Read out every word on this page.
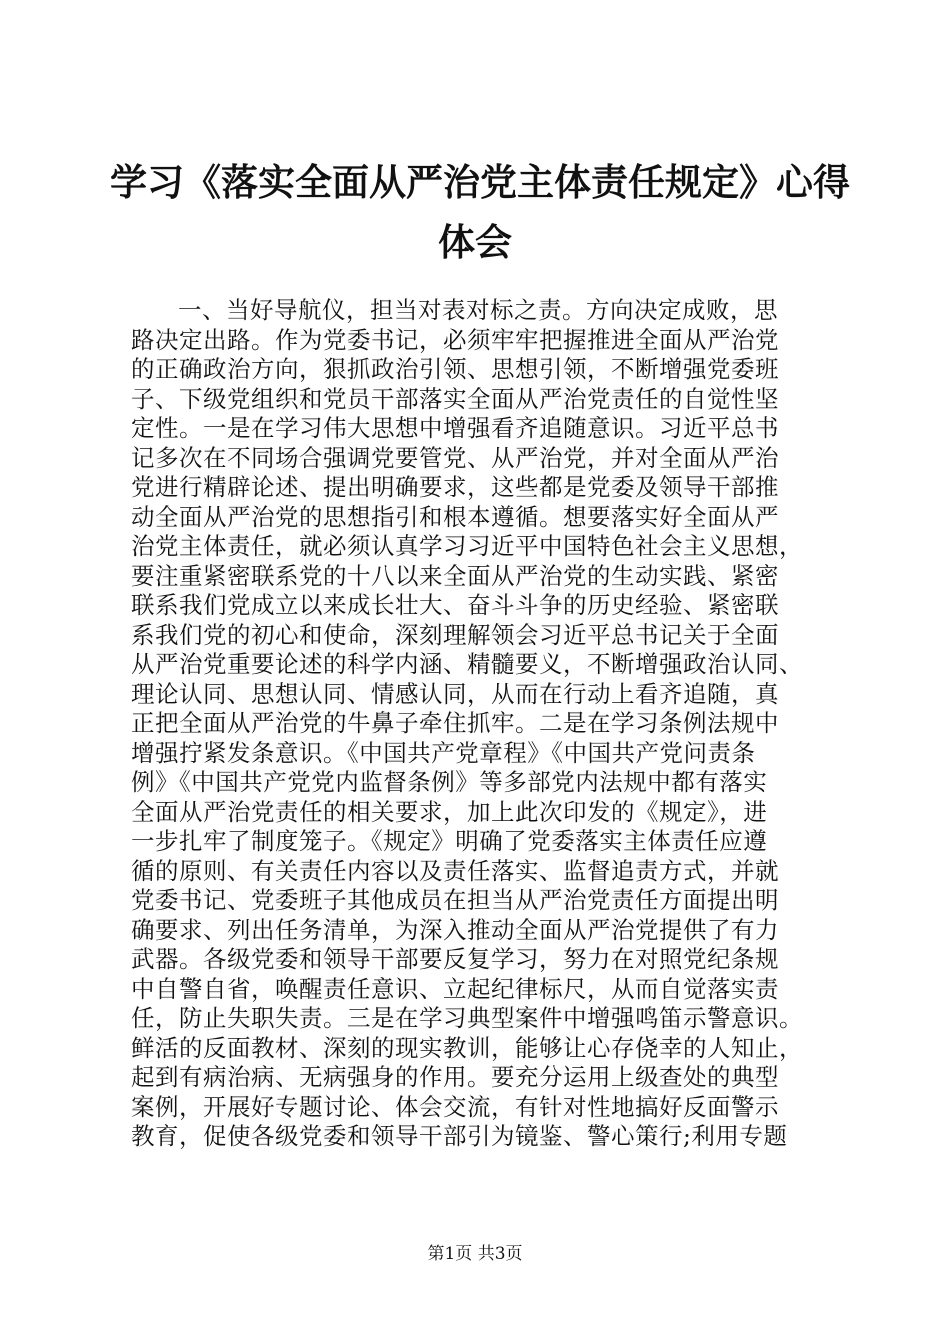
学习《落实全面从严治党主体责任规定》心得
体会
一、当好导航仪，担当对表对标之责。方向决定成败，思
路决定出路。作为党委书记，必须牢牢把握推进全面从严治党
的正确政治方向，狠抓政治引领、思想引领，不断增强党委班
子、下级党组织和党员干部落实全面从严治党责任的自觉性坚
定性。一是在学习伟大思想中增强看齐追随意识。习近平总书
记多次在不同场合强调党要管党、从严治党，并对全面从严治
党进行精辟论述、提出明确要求，这些都是党委及领导干部推
动全面从严治党的思想指引和根本遵循。想要落实好全面从严
治党主体责任，就必须认真学习习近平中国特色社会主义思想，
要注重紧密联系党的十八以来全面从严治党的生动实践、紧密
联系我们党成立以来成长壮大、奋斗斗争的历史经验、紧密联
系我们党的初心和使命，深刻理解领会习近平总书记关于全面
从严治党重要论述的科学内涵、精髓要义，不断增强政治认同、
理论认同、思想认同、情感认同，从而在行动上看齐追随，真
正把全面从严治党的牛鼻子牵住抓牢。二是在学习条例法规中
增强拧紧发条意识。《中国共产党章程》《中国共产党问责条
例》《中国共产党党内监督条例》等多部党内法规中都有落实
全面从严治党责任的相关要求，加上此次印发的《规定》，进
一步扎牢了制度笼子。《规定》明确了党委落实主体责任应遵
循的原则、有关责任内容以及责任落实、监督追责方式，并就
党委书记、党委班子其他成员在担当从严治党责任方面提出明
确要求、列出任务清单，为深入推动全面从严治党提供了有力
武器。各级党委和领导干部要反复学习，努力在对照党纪条规
中自警自省，唤醒责任意识、立起纪律标尺，从而自觉落实责
任，防止失职失责。三是在学习典型案件中增强鸣笛示警意识。
鲜活的反面教材、深刻的现实教训，能够让心存侥幸的人知止，
起到有病治病、无病强身的作用。要充分运用上级查处的典型
案例，开展好专题讨论、体会交流，有针对性地搞好反面警示
教育，促使各级党委和领导干部引为镜鉴、警心策行;利用专题
第1页 共3页
